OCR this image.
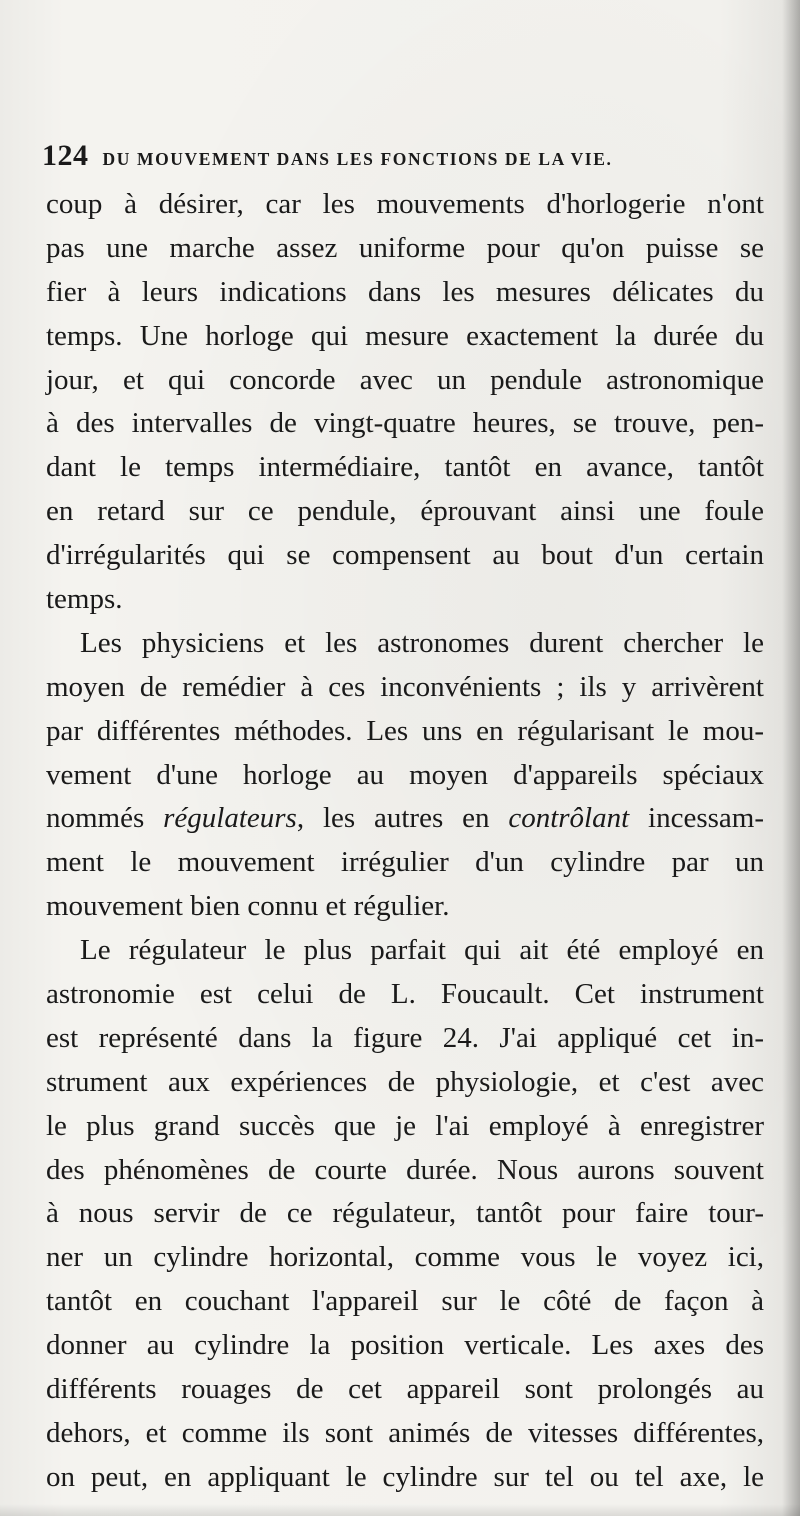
124 DU MOUVEMENT DANS LES FONCTIONS DE LA VIE.
coup à désirer, car les mouvements d'horlogerie n'ont
pas une marche assez uniforme pour qu'on puisse se
fier à leurs indications dans les mesures délicates du
temps. Une horloge qui mesure exactement la durée du
jour, et qui concorde avec un pendule astronomique
à des intervalles de vingt-quatre heures, se trouve, pen-
dant le temps intermédiaire, tantôt en avance, tantôt
en retard sur ce pendule, éprouvant ainsi une foule
d'irrégularités qui se compensent au bout d'un certain
temps.
Les physiciens et les astronomes durent chercher le
moyen de remédier à ces inconvénients ; ils y arrivèrent
par différentes méthodes. Les uns en régularisant le mou-
vement d'une horloge au moyen d'appareils spéciaux
nommés régulateurs, les autres en contrôlant incessam-
ment le mouvement irrégulier d'un cylindre par un
mouvement bien connu et régulier.
Le régulateur le plus parfait qui ait été employé en
astronomie est celui de L. Foucault. Cet instrument
est représenté dans la figure 24. J'ai appliqué cet in-
strument aux expériences de physiologie, et c'est avec
le plus grand succès que je l'ai employé à enregistrer
des phénomènes de courte durée. Nous aurons souvent
à nous servir de ce régulateur, tantôt pour faire tour-
ner un cylindre horizontal, comme vous le voyez ici,
tantôt en couchant l'appareil sur le côté de façon à
donner au cylindre la position verticale. Les axes des
différents rouages de cet appareil sont prolongés au
dehors, et comme ils sont animés de vitesses différentes,
on peut, en appliquant le cylindre sur tel ou tel axe, le
